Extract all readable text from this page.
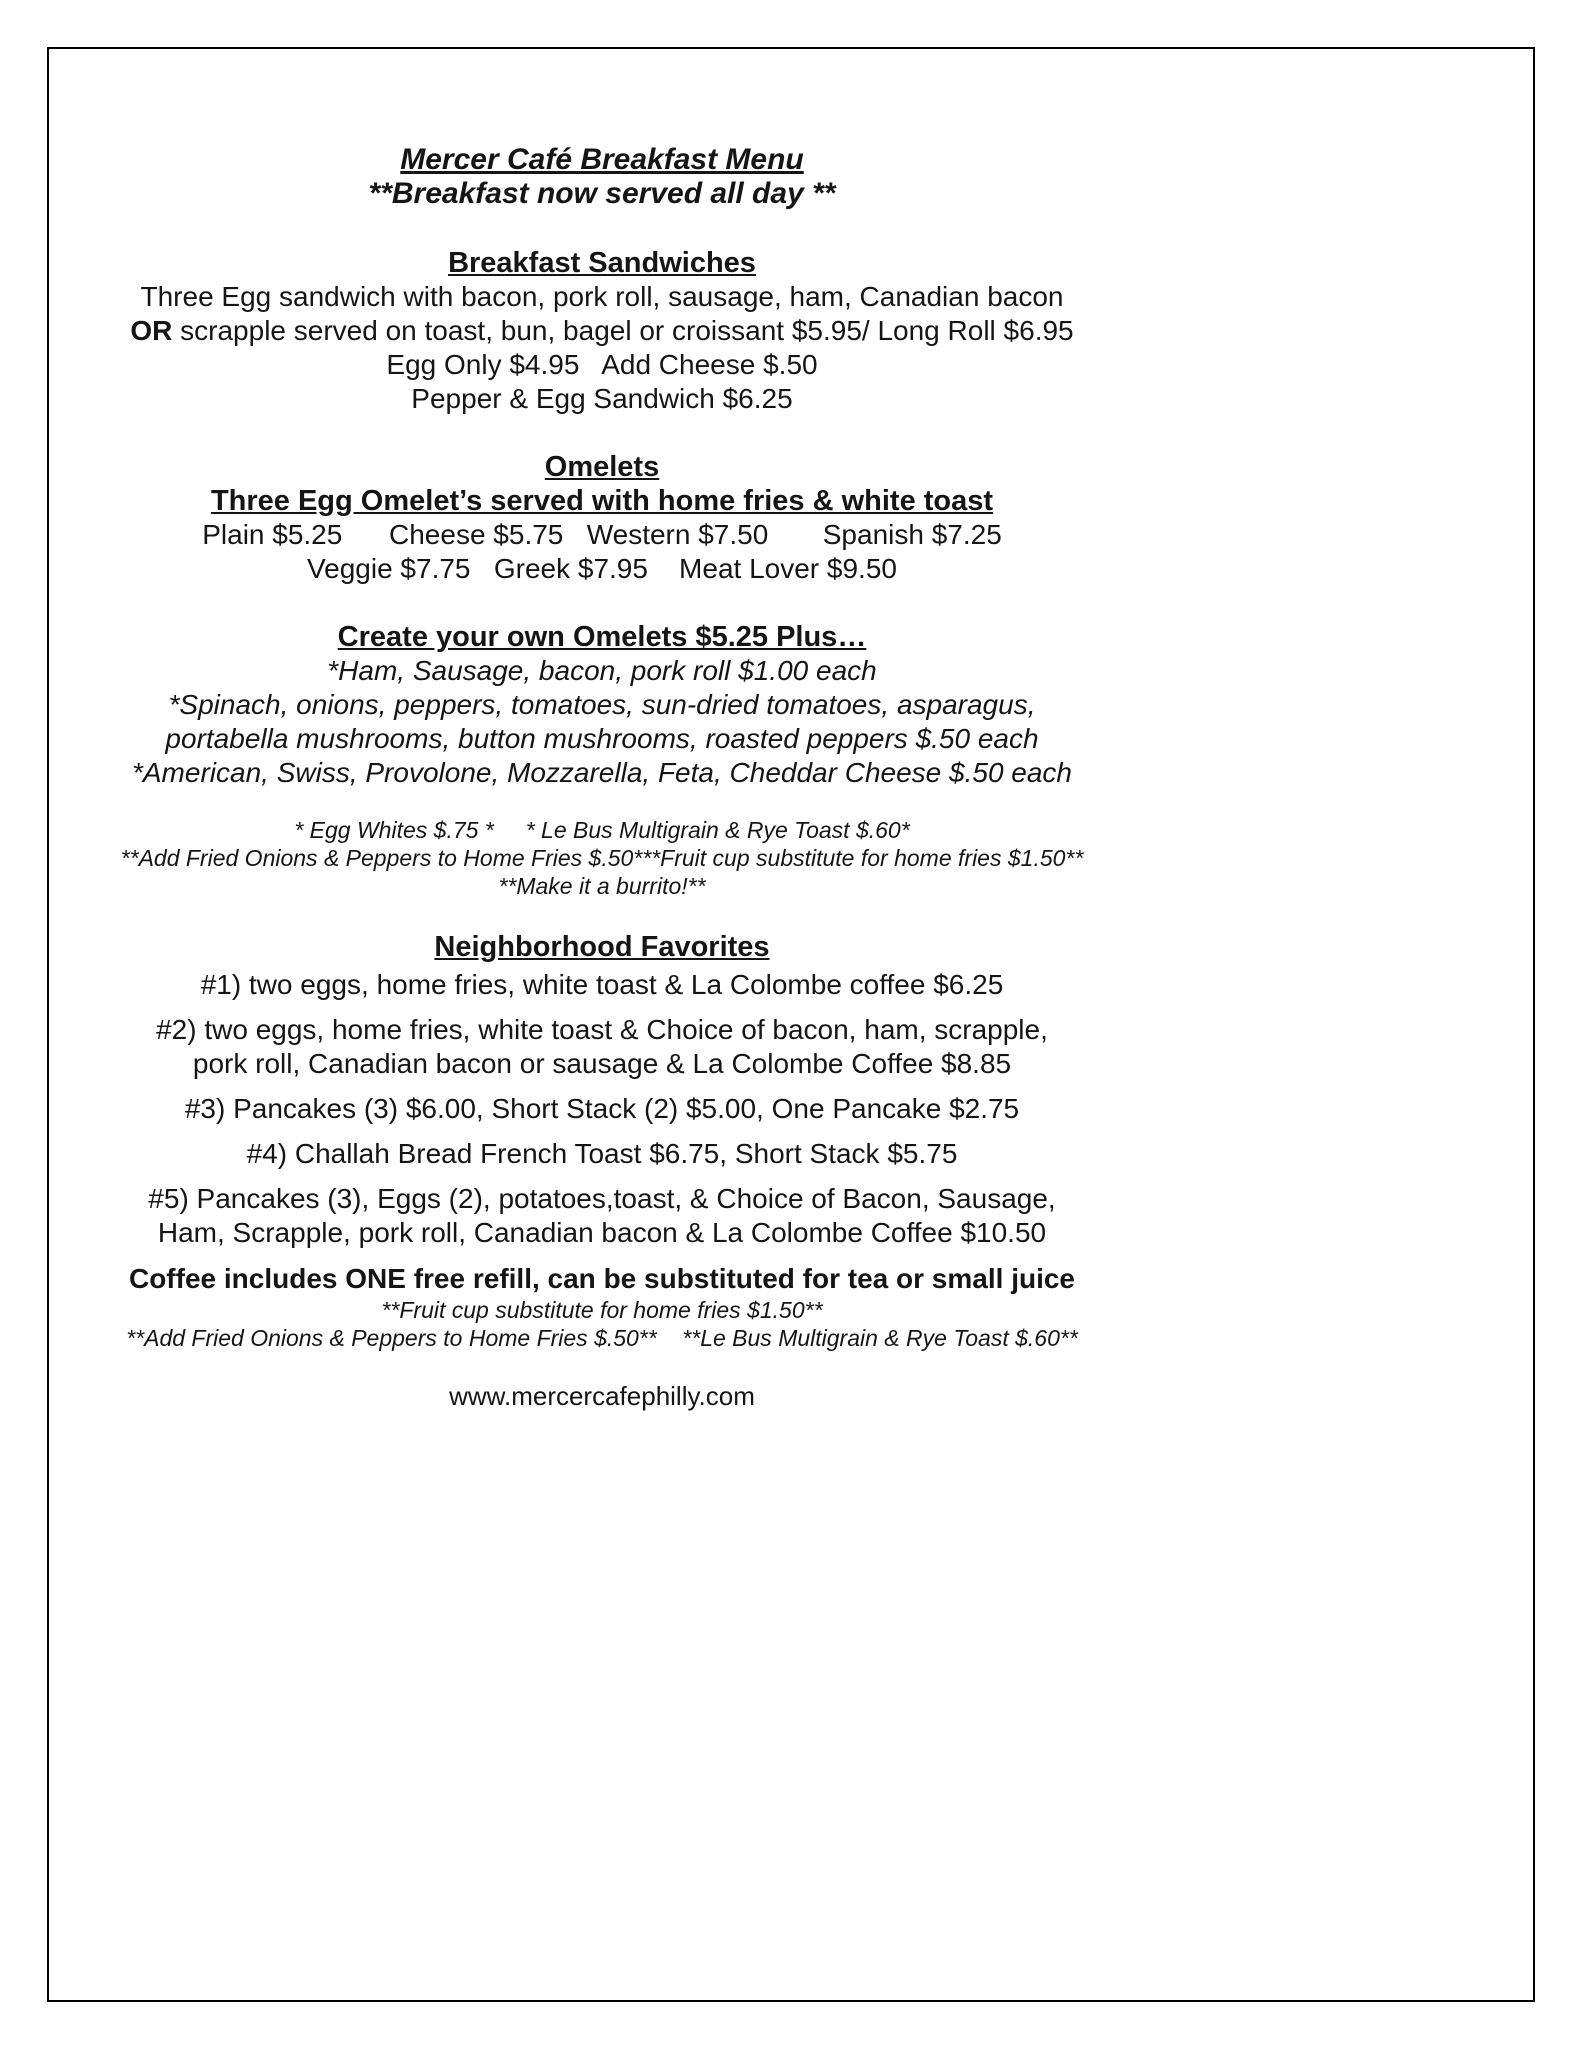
Mercer Café Breakfast Menu

**Breakfast now served all day **

Breakfast Sandwiches

Three Egg sandwich with bacon, pork roll, sausage, ham, Canadian bacon

OR scrapple served on toast, bun, bagel or croissant $5.95/ Long Roll $6.95

Egg Only $4.95   Add Cheese $.50

Pepper & Egg Sandwich $6.25

Omelets

Three Egg Omelet’s served with home fries & white toast

Plain $5.25      Cheese $5.75   Western $7.50       Spanish $7.25

Veggie $7.75   Greek $7.95    Meat Lover $9.50

Create your own Omelets $5.25 Plus…

*Ham, Sausage, bacon, pork roll $1.00 each

*Spinach, onions, peppers, tomatoes, sun-dried tomatoes, asparagus,

portabella mushrooms, button mushrooms, roasted peppers $.50 each

*American, Swiss, Provolone, Mozzarella, Feta, Cheddar Cheese $.50 each

* Egg Whites $.75 *     * Le Bus Multigrain & Rye Toast $.60*

**Add Fried Onions & Peppers to Home Fries $.50***Fruit cup substitute for home fries $1.50**

**Make it a burrito!**

Neighborhood Favorites

#1) two eggs, home fries, white toast & La Colombe coffee $6.25

#2) two eggs, home fries, white toast & Choice of bacon, ham, scrapple,

pork roll, Canadian bacon or sausage & La Colombe Coffee $8.85

#3) Pancakes (3) $6.00, Short Stack (2) $5.00, One Pancake $2.75

#4) Challah Bread French Toast $6.75, Short Stack $5.75

#5) Pancakes (3), Eggs (2), potatoes,toast, & Choice of Bacon, Sausage,

Ham, Scrapple, pork roll, Canadian bacon & La Colombe Coffee $10.50

Coffee includes ONE free refill, can be substituted for tea or small juice

**Fruit cup substitute for home fries $1.50**

**Add Fried Onions & Peppers to Home Fries $.50**    **Le Bus Multigrain & Rye Toast $.60**

www.mercercafephilly.com
